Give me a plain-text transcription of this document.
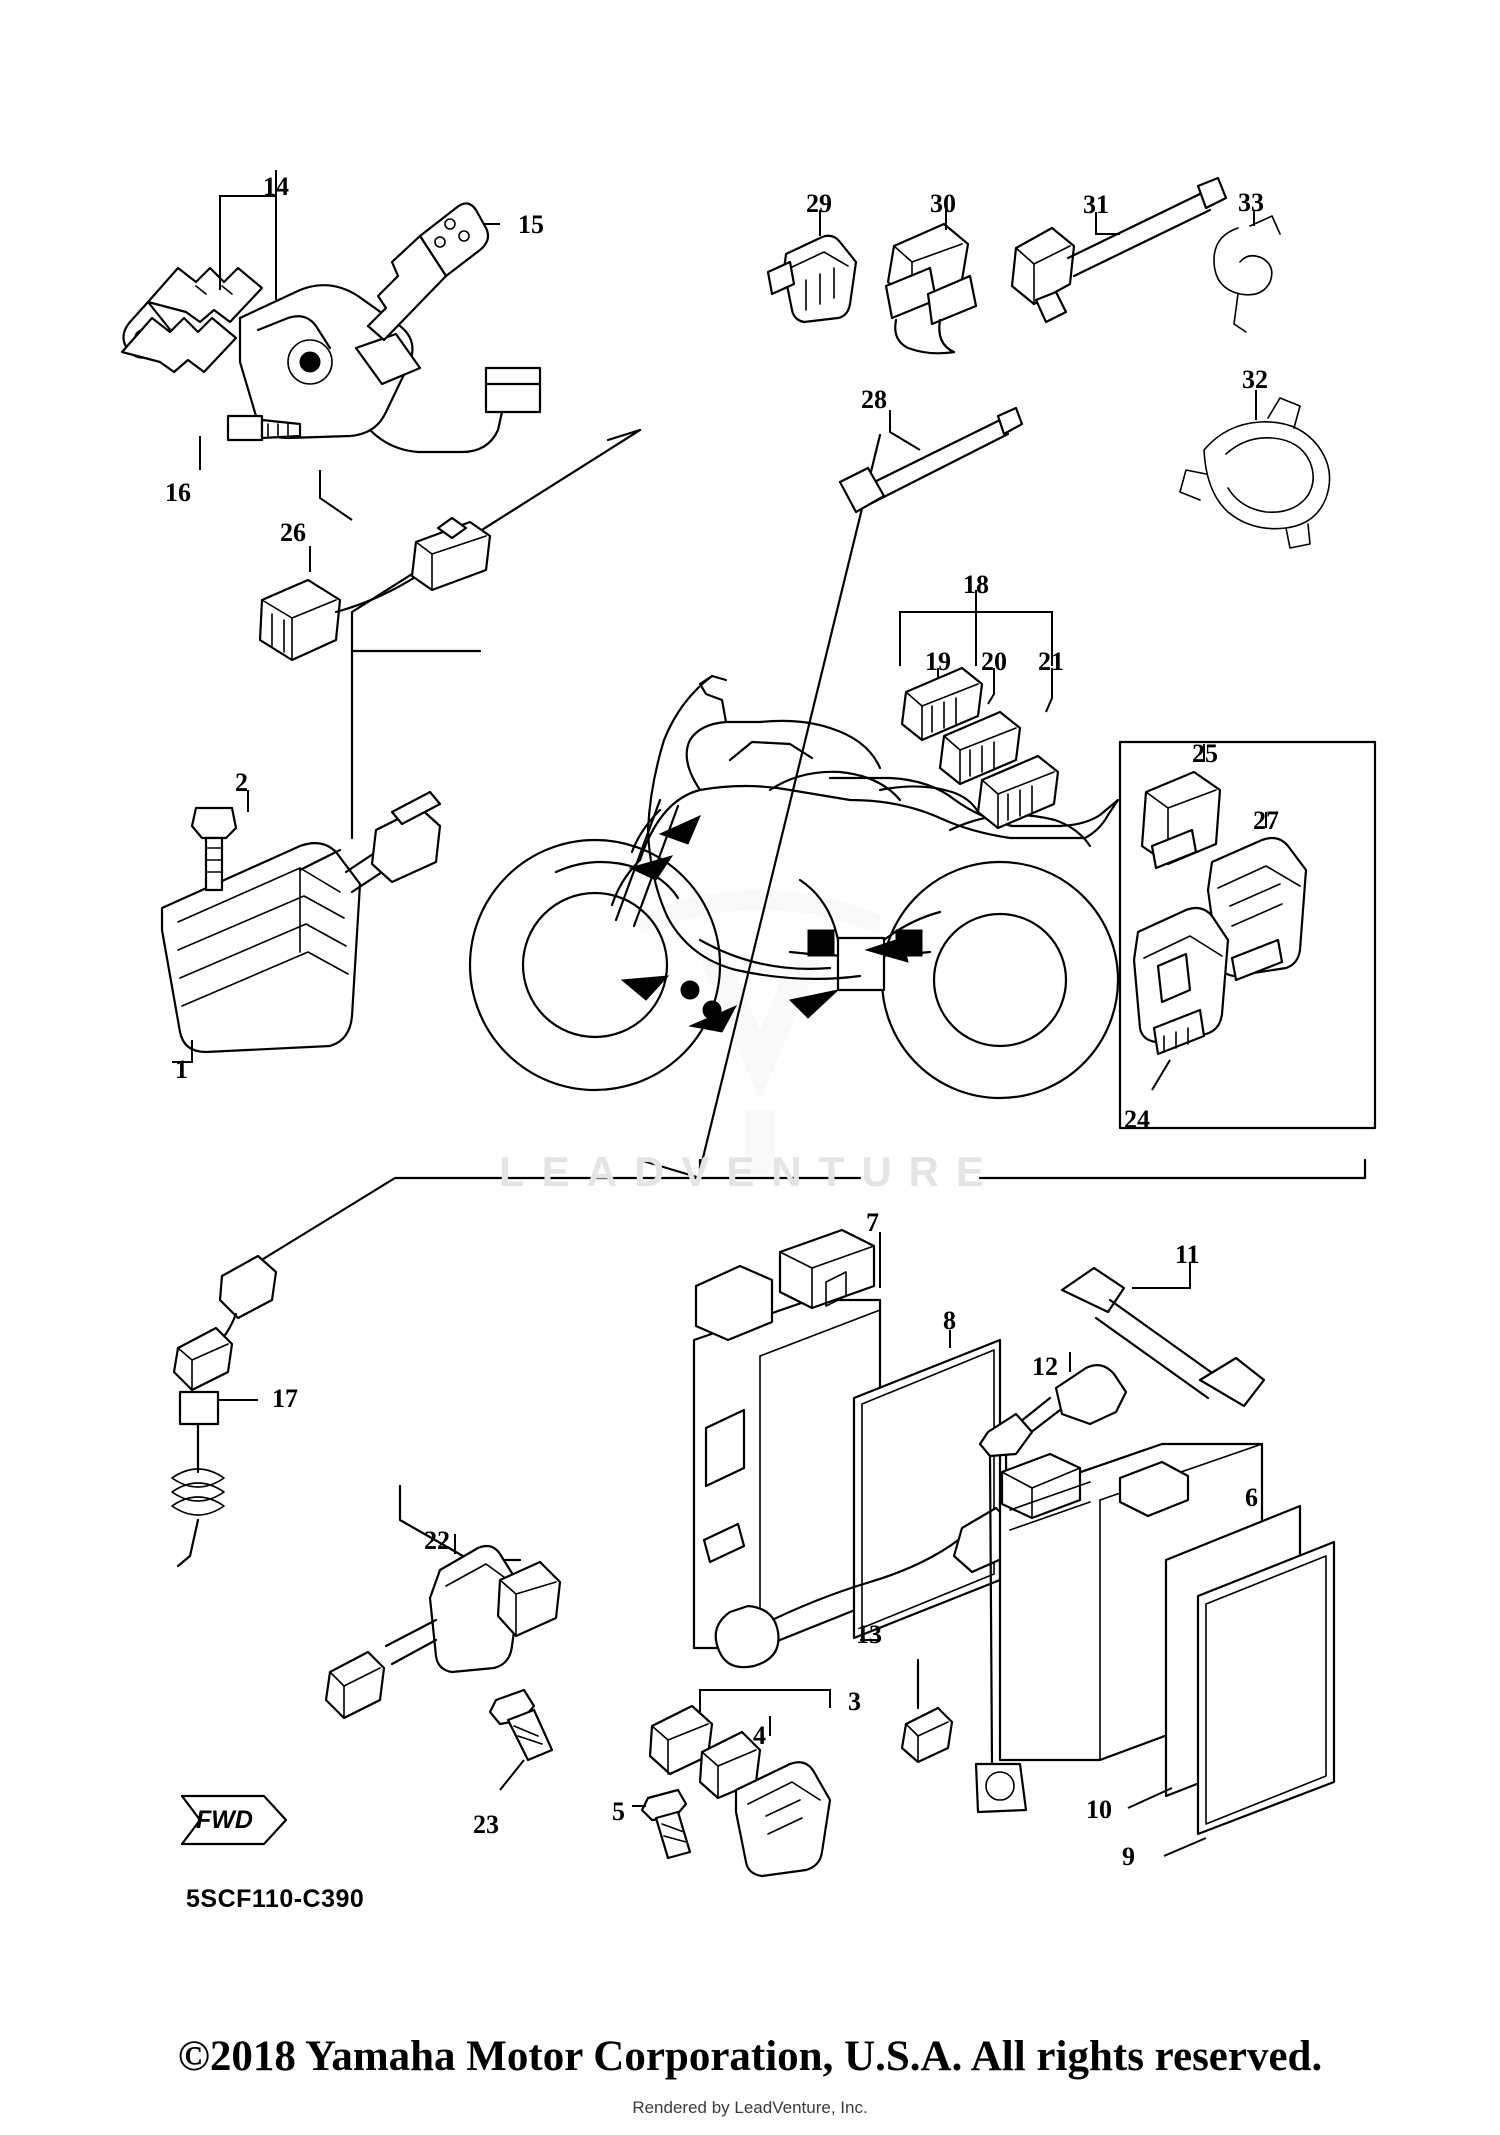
LEADVENTURE
FWD
5SCF110-C390
1
2
3
4
5
6
7
8
9
10
11
12
13
14
15
16
17
18
19 20 21
22
23
24
25
26
27
28
29	30	31
32
33
©2018 Yamaha Motor Corporation, U.S.A. All rights reserved.
Rendered by LeadVenture, Inc.
